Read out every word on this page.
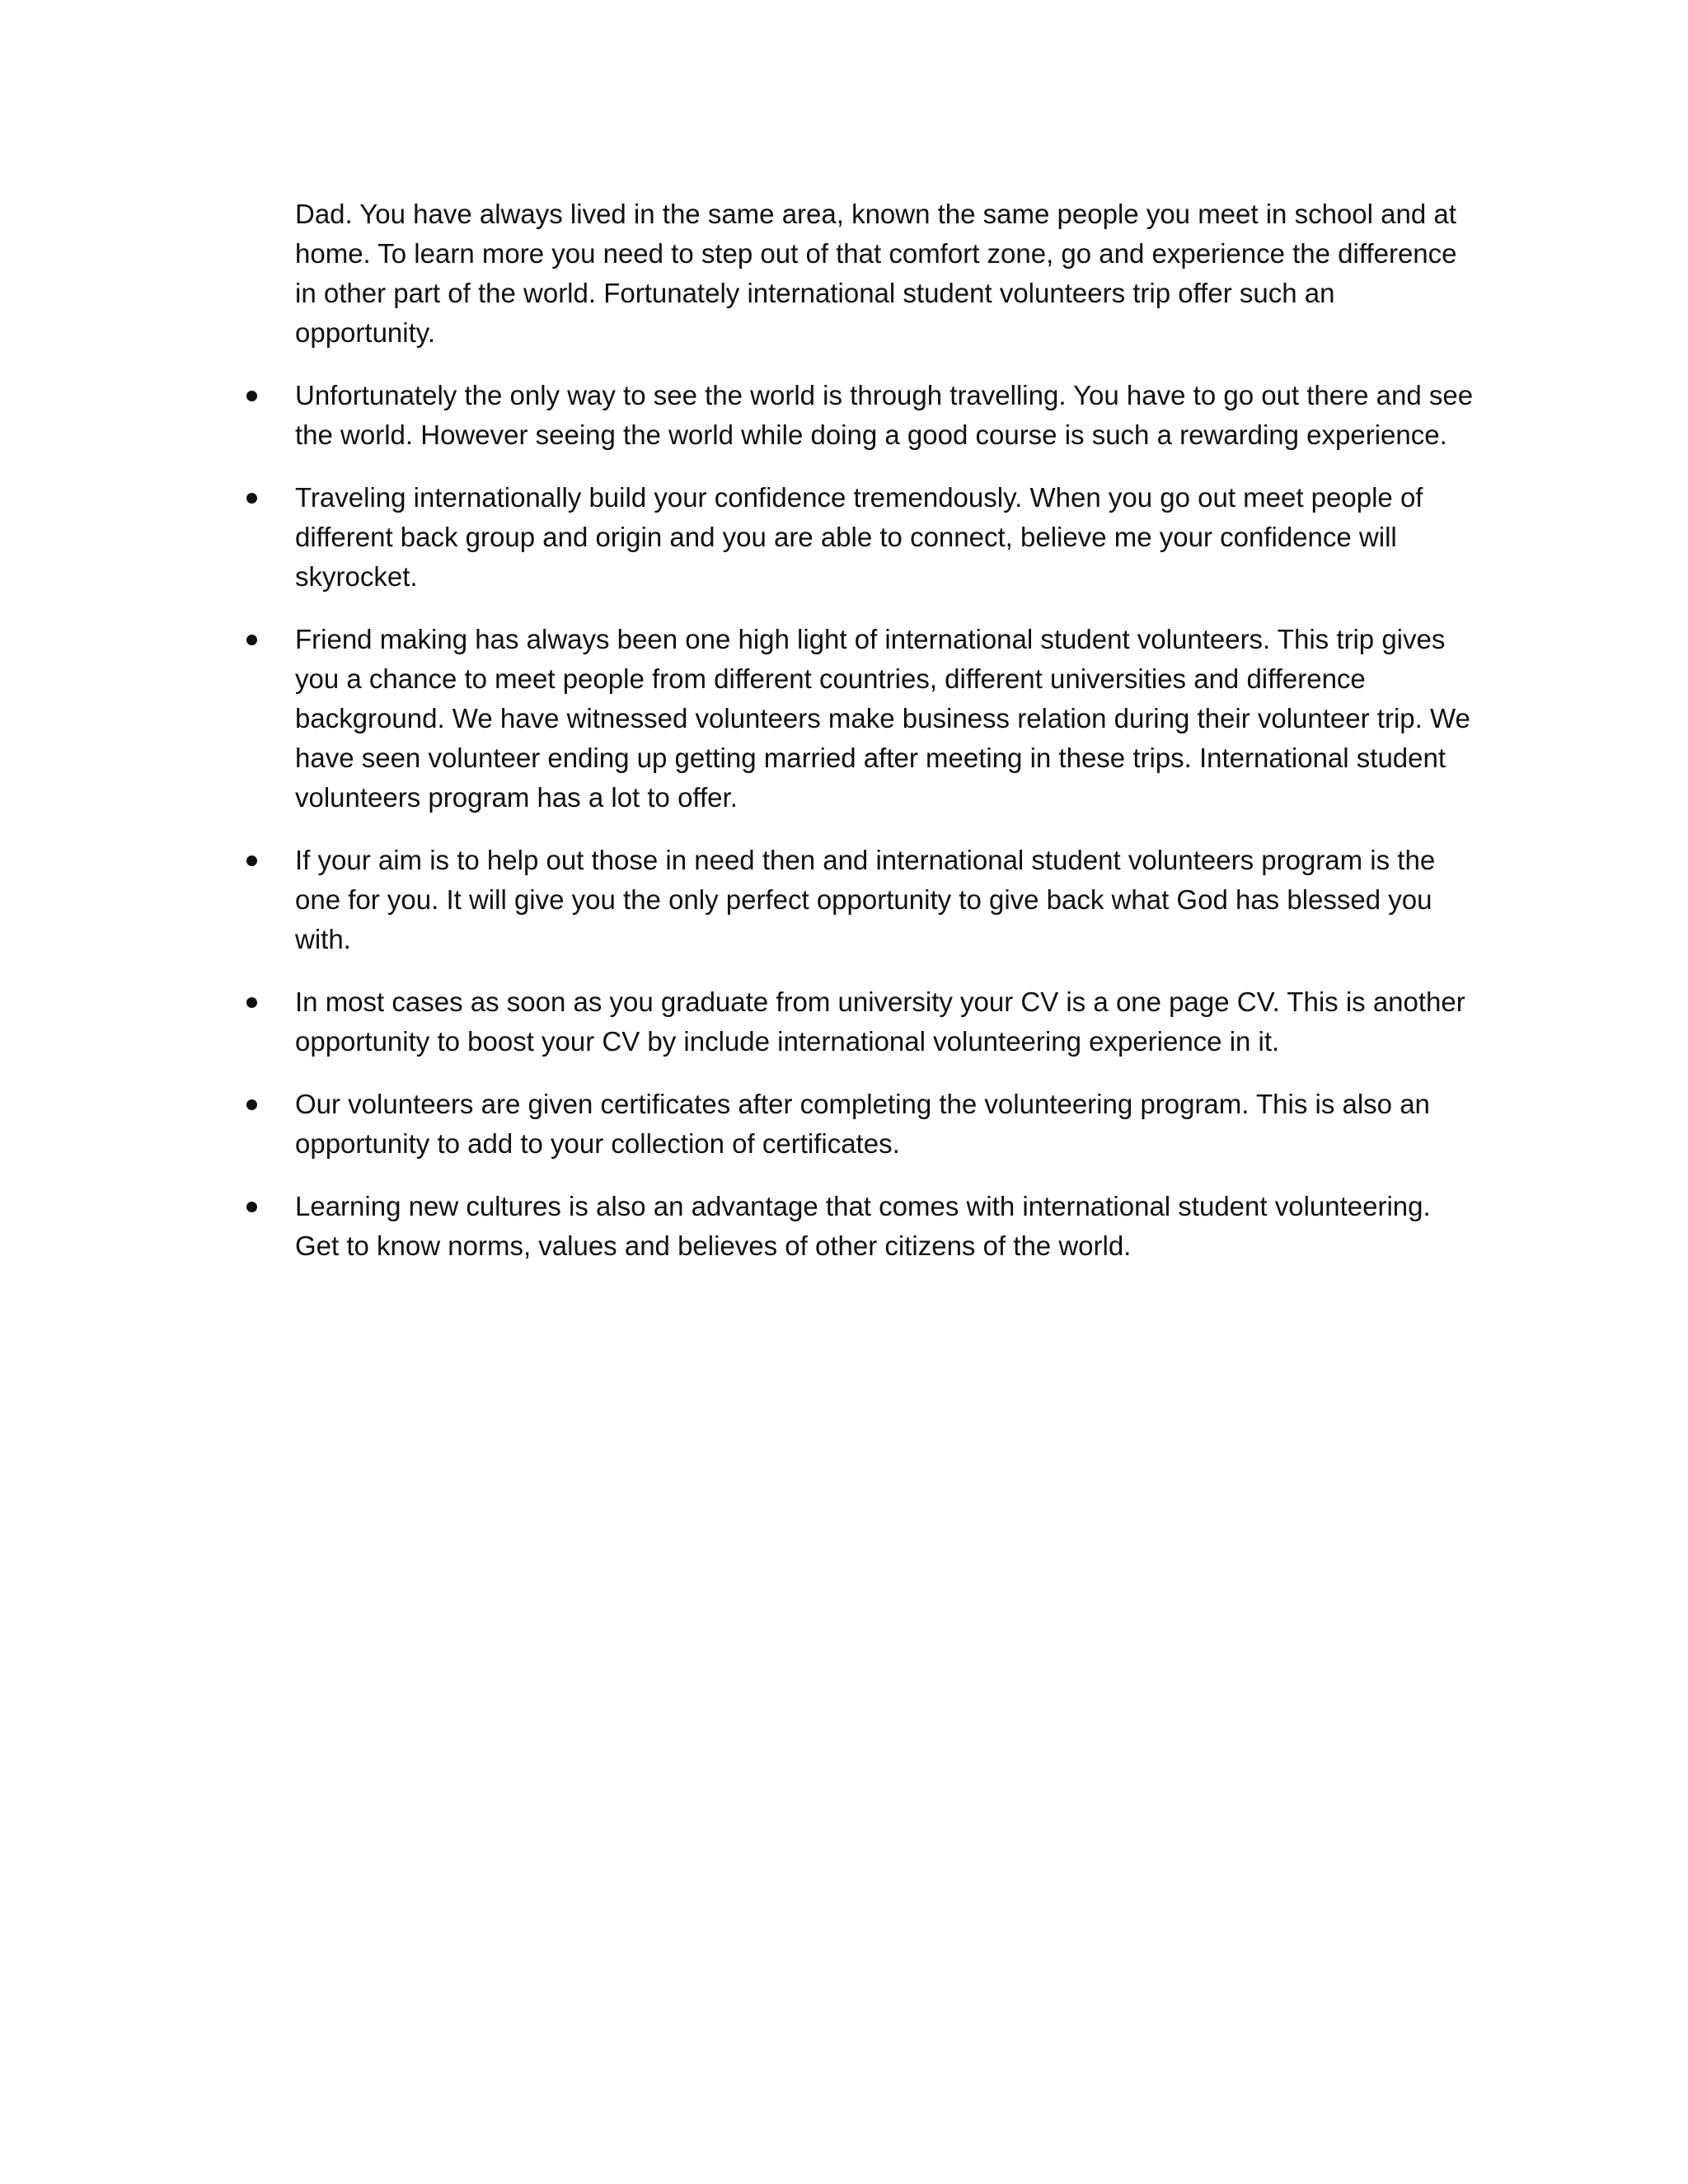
Dad. You have always lived in the same area, known the same people you meet in school and at home. To learn more you need to step out of that comfort zone, go and experience the difference in other part of the world. Fortunately international student volunteers trip offer such an opportunity.

Unfortunately the only way to see the world is through travelling. You have to go out there and see the world. However seeing the world while doing a good course is such a rewarding experience.
Traveling internationally build your confidence tremendously. When you go out meet people of different back group and origin and you are able to connect, believe me your confidence will skyrocket.
Friend making has always been one high light of international student volunteers. This trip gives you a chance to meet people from different countries, different universities and difference background. We have witnessed volunteers make business relation during their volunteer trip. We have seen volunteer ending up getting married after meeting in these trips. International student volunteers program has a lot to offer.
If your aim is to help out those in need then and international student volunteers program is the one for you. It will give you the only perfect opportunity to give back what God has blessed you with.
In most cases as soon as you graduate from university your CV is a one page CV. This is another opportunity to boost your CV by include international volunteering experience in it.
Our volunteers are given certificates after completing the volunteering program. This is also an opportunity to add to your collection of certificates.
Learning new cultures is also an advantage that comes with international student volunteering. Get to know norms, values and believes of other citizens of the world.
